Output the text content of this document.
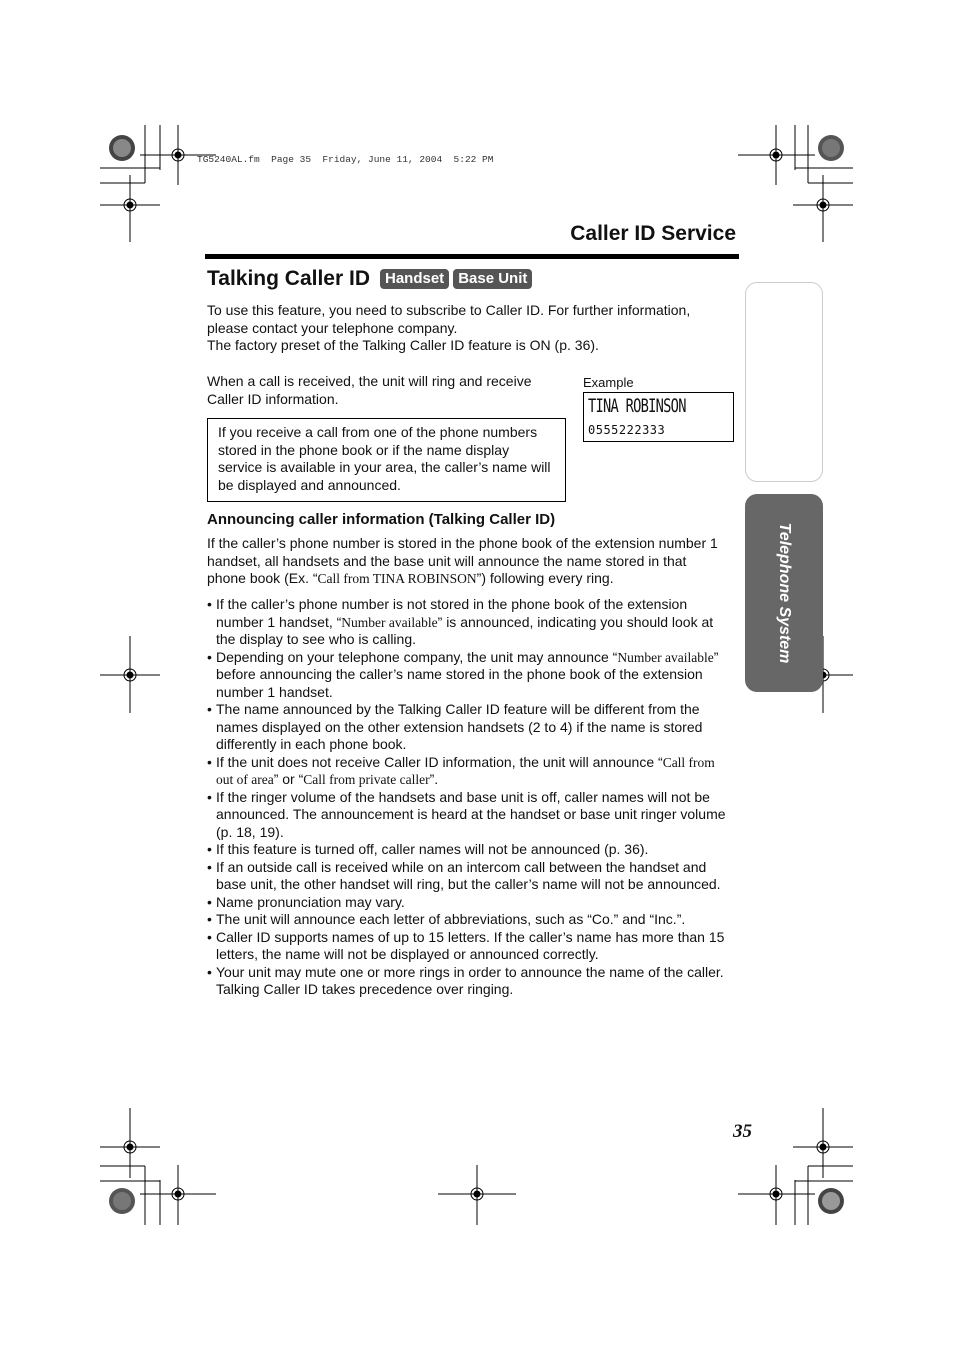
TG5240AL.fm  Page 35  Friday, June 11, 2004  5:22 PM
Caller ID Service
Talking Caller ID	Handset Base Unit
To use this feature, you need to subscribe to Caller ID. For further information,
please contact your telephone company.
The factory preset of the Talking Caller ID feature is ON (p. 36).
When a call is received, the unit will ring and receive
Caller ID information.
If you receive a call from one of the phone numbers
stored in the phone book or if the name display
service is available in your area, the caller’s name will
be displayed and announced.
Example
TINA ROBINSON
0555222333
Announcing caller information (Talking Caller ID)
If the caller’s phone number is stored in the phone book of the extension number 1
handset, all handsets and the base unit will announce the name stored in that
phone book (Ex. “Call from TINA ROBINSON”) following every ring.
• If the caller’s phone number is not stored in the phone book of the extension
number 1 handset, “Number available” is announced, indicating you should look at
the display to see who is calling.
• Depending on your telephone company, the unit may announce “Number available”
before announcing the caller’s name stored in the phone book of the extension
number 1 handset.
• The name announced by the Talking Caller ID feature will be different from the
names displayed on the other extension handsets (2 to 4) if the name is stored
differently in each phone book.
• If the unit does not receive Caller ID information, the unit will announce “Call from
out of area” or “Call from private caller”.
• If the ringer volume of the handsets and base unit is off, caller names will not be
announced. The announcement is heard at the handset or base unit ringer volume
(p. 18, 19).
• If this feature is turned off, caller names will not be announced (p. 36).
• If an outside call is received while on an intercom call between the handset and
base unit, the other handset will ring, but the caller’s name will not be announced.
• Name pronunciation may vary.
• The unit will announce each letter of abbreviations, such as “Co.” and “Inc.”.
• Caller ID supports names of up to 15 letters. If the caller’s name has more than 15
letters, the name will not be displayed or announced correctly.
• Your unit may mute one or more rings in order to announce the name of the caller.
Talking Caller ID takes precedence over ringing.
Telephone System
35
